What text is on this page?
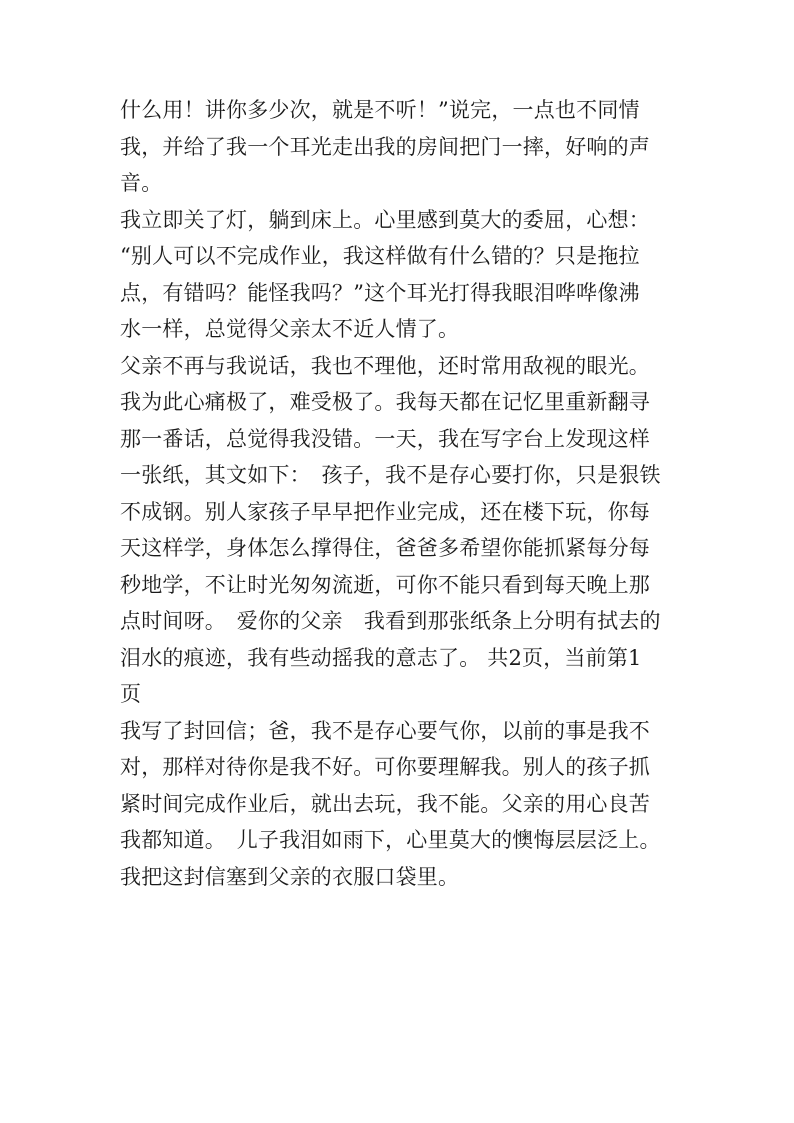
什么用！讲你多少次，就是不听！”说完，一点也不同情
我，并给了我一个耳光走出我的房间把门一摔，好响的声
音。
我立即关了灯，躺到床上。心里感到莫大的委屈，心想：
“别人可以不完成作业，我这样做有什么错的？只是拖拉
点，有错吗？能怪我吗？”这个耳光打得我眼泪哗哗像沸
水一样，总觉得父亲太不近人情了。
父亲不再与我说话，我也不理他，还时常用敌视的眼光。
我为此心痛极了，难受极了。我每天都在记忆里重新翻寻
那一番话，总觉得我没错。一天，我在写字台上发现这样
一张纸，其文如下：　孩子，我不是存心要打你，只是狠铁
不成钢。别人家孩子早早把作业完成，还在楼下玩，你每
天这样学，身体怎么撑得住，爸爸多希望你能抓紧每分每
秒地学，不让时光匆匆流逝，可你不能只看到每天晚上那
点时间呀。　爱你的父亲　我看到那张纸条上分明有拭去的
泪水的痕迹，我有些动摇我的意志了。 共2页，当前第1
页
我写了封回信；爸，我不是存心要气你，以前的事是我不
对，那样对待你是我不好。可你要理解我。别人的孩子抓
紧时间完成作业后，就出去玩，我不能。父亲的用心良苦
我都知道。　儿子我泪如雨下，心里莫大的懊悔层层泛上。
我把这封信塞到父亲的衣服口袋里。
